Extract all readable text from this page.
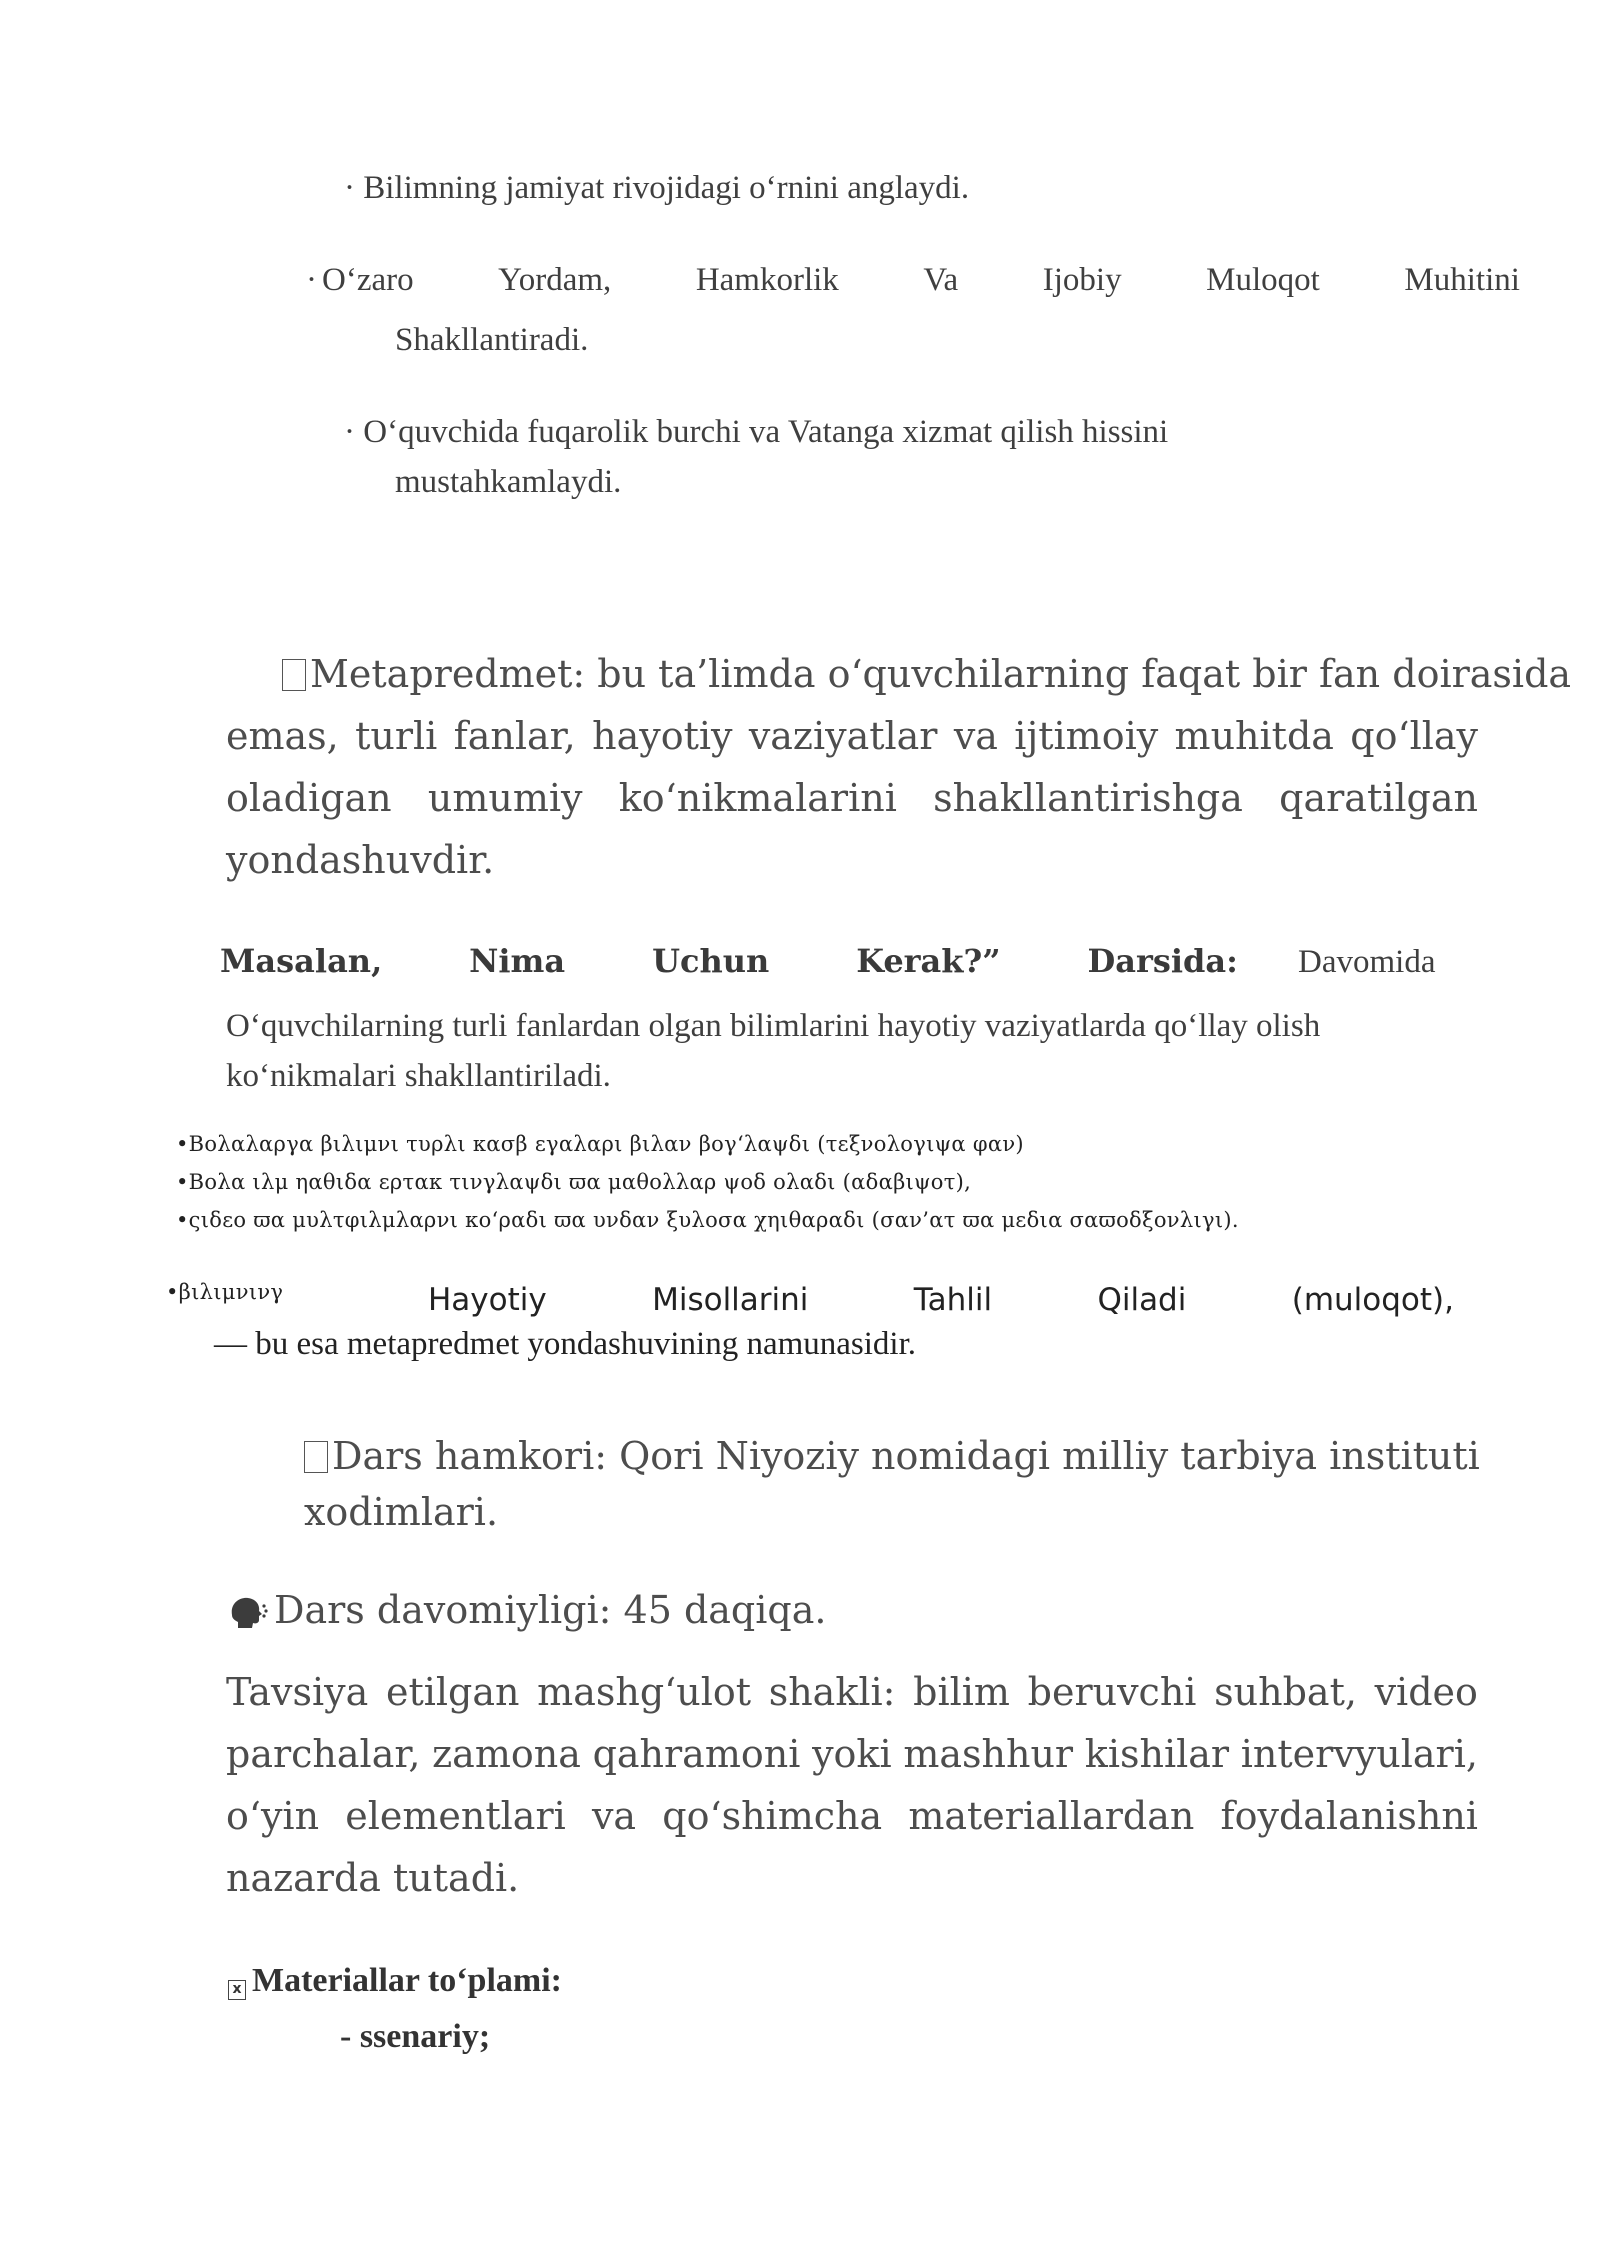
· Bilimning jamiyat rivojidagi o‘rnini anglaydi.
· O‘zaro	Yordam,	Hamkorlik	Va	Ijobiy	Muloqot	Muhitini
Shakllantiradi.
· O‘quvchida fuqarolik burchi va Vatanga xizmat qilish hissini
mustahkamlaydi.
Metapredmet: bu ta’limda o‘quvchilarning faqat bir fan doirasida
emas, turli fanlar, hayotiy vaziyatlar va ijtimoiy muhitda qo‘llay
oladigan umumiy ko‘nikmalarini shakllantirishga qaratilgan
yondashuvdir.
Masalan,	Nima	Uchun	Kerak?”	Darsida: Davomida
O‘quvchilarning turli fanlardan olgan bilimlarini hayotiy vaziyatlarda qo‘llay olish
ko‘nikmalari shakllantiriladi.
•Βολαλαργα βιλιμνι τυρλι κασβ εγαλαρι βιλαν βογ‘λαψδι (τεξνολογιψα φαν)
•Βολα ιλμ ηαθιδα ερτακ τινγλαψδι ϖα μαθολλαρ ψοδ ολαδι (αδαβιψοτ),
•ςιδεο ϖα μυλτφιλμλαρνι κο‘ραδι ϖα υνδαν ξυλοσα χηιθαραδι (σαν’ατ ϖα μεδια σαϖοδξονλιγι).
•βιλιμνινγ	Hayotiy	Misollarini	Tahlil	Qiladi	(muloqot),
— bu esa metapredmet yondashuvining namunasidir.
Dars hamkori: Qori Niyoziy nomidagi milliy tarbiya instituti
xodimlari.
Dars davomiyligi: 45 daqiqa.
Tavsiya etilgan mashg‘ulot shakli: bilim beruvchi suhbat, video
parchalar, zamona qahramoni yoki mashhur kishilar intervyulari,
o‘yin elementlari va qo‘shimcha materiallardan foydalanishni
nazarda tutadi.
x Materiallar to‘plami:
- ssenariy;
